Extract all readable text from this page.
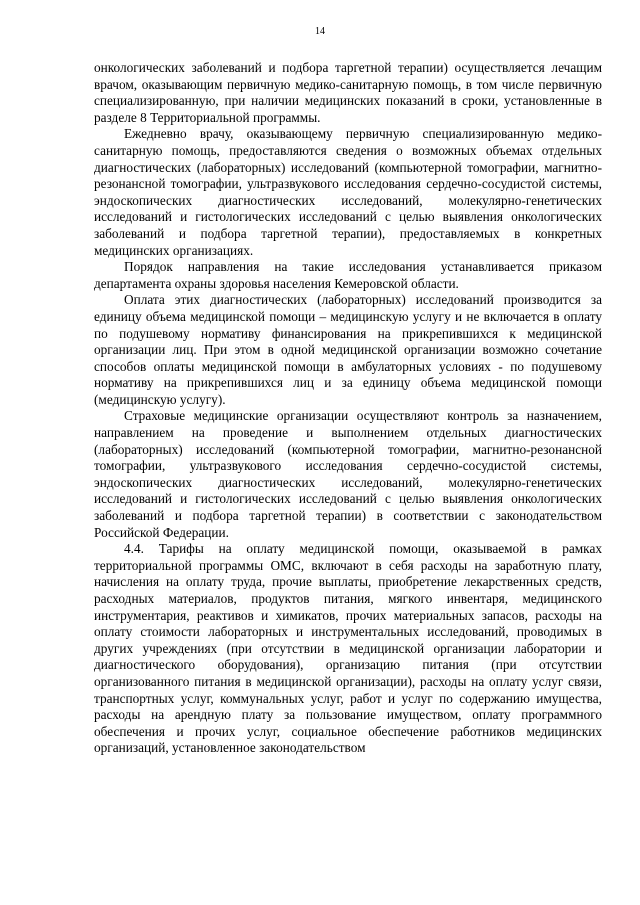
14

онкологических заболеваний и подбора таргетной терапии) осуществляется лечащим врачом, оказывающим первичную медико-санитарную помощь, в том числе первичную специализированную, при наличии медицинских показаний в сроки, установленные в разделе 8 Территориальной программы.

Ежедневно врачу, оказывающему первичную специализированную медико-санитарную помощь, предоставляются сведения о возможных объемах отдельных диагностических (лабораторных) исследований (компьютерной томографии, магнитно-резонансной томографии, ультразвукового исследования сердечно-сосудистой системы, эндоскопических диагностических исследований, молекулярно-генетических исследований и гистологических исследований с целью выявления онкологических заболеваний и подбора таргетной терапии), предоставляемых в конкретных медицинских организациях.

Порядок направления на такие исследования устанавливается приказом департамента охраны здоровья населения Кемеровской области.

Оплата этих диагностических (лабораторных) исследований производится за единицу объема медицинской помощи – медицинскую услугу и не включается в оплату по подушевому нормативу финансирования на прикрепившихся к медицинской организации лиц. При этом в одной медицинской организации возможно сочетание способов оплаты медицинской помощи в амбулаторных условиях - по подушевому нормативу на прикрепившихся лиц и за единицу объема медицинской помощи (медицинскую услугу).

Страховые медицинские организации осуществляют контроль за назначением, направлением на проведение и выполнением отдельных диагностических (лабораторных) исследований (компьютерной томографии, магнитно-резонансной томографии, ультразвукового исследования сердечно-сосудистой системы, эндоскопических диагностических исследований, молекулярно-генетических исследований и гистологических исследований с целью выявления онкологических заболеваний и подбора таргетной терапии) в соответствии с законодательством Российской Федерации.

4.4. Тарифы на оплату медицинской помощи, оказываемой в рамках территориальной программы ОМС, включают в себя расходы на заработную плату, начисления на оплату труда, прочие выплаты, приобретение лекарственных средств, расходных материалов, продуктов питания, мягкого инвентаря, медицинского инструментария, реактивов и химикатов, прочих материальных запасов, расходы на оплату стоимости лабораторных и инструментальных исследований, проводимых в других учреждениях (при отсутствии в медицинской организации лаборатории и диагностического оборудования), организацию питания (при отсутствии организованного питания в медицинской организации), расходы на оплату услуг связи, транспортных услуг, коммунальных услуг, работ и услуг по содержанию имущества, расходы на арендную плату за пользование имуществом, оплату программного обеспечения и прочих услуг, социальное обеспечение работников медицинских организаций, установленное законодательством
